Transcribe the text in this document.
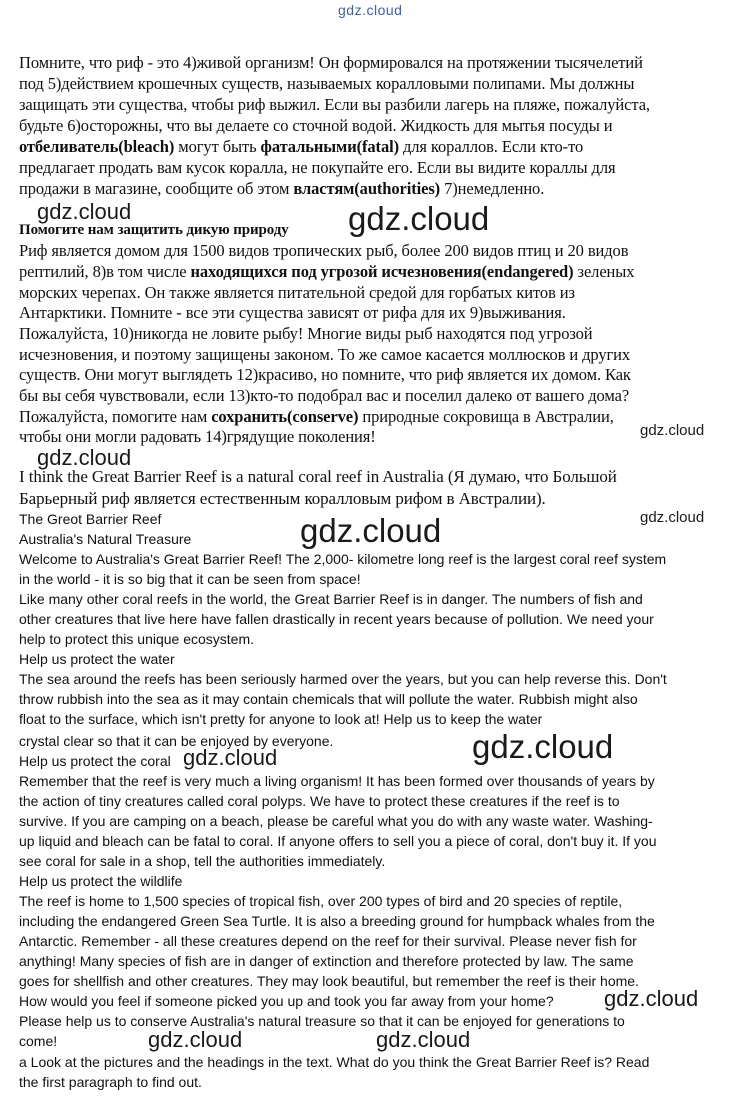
gdz.cloud
Помните, что риф - это 4)живой организм! Он формировался на протяжении тысячелетий
под 5)действием крошечных существ, называемых коралловыми полипами. Мы должны
защищать эти существа, чтобы риф выжил. Если вы разбили лагерь на пляже, пожалуйста,
будьте 6)осторожны, что вы делаете со сточной водой. Жидкость для мытья посуды и
отбеливатель(bleach) могут быть фатальными(fatal) для кораллов. Если кто-то
предлагает продать вам кусок коралла, не покупайте его. Если вы видите кораллы для
продажи в магазине, сообщите об этом властям(authorities) 7)немедленно.
gdz.cloud	gdz.cloud
Помогите нам защитить дикую природу
Риф является домом для 1500 видов тропических рыб, более 200 видов птиц и 20 видов
рептилий, 8)в том числе находящихся под угрозой исчезновения(endangered) зеленых
морских черепах. Он также является питательной средой для горбатых китов из
Антарктики. Помните - все эти существа зависят от рифа для их 9)выживания.
Пожалуйста, 10)никогда не ловите рыбу! Многие виды рыб находятся под угрозой
исчезновения, и поэтому защищены законом. То же самое касается моллюсков и других
существ. Они могут выглядеть 12)красиво, но помните, что риф является их домом. Как
бы вы себя чувствовали, если 13)кто-то подобрал вас и поселил далеко от вашего дома?
Пожалуйста, помогите нам сохранить(conserve) природные сокровища в Австралии,
чтобы они могли радовать 14)грядущие поколения!	gdz.cloud
gdz.cloud
I think the Great Barrier Reef is a natural coral reef in Australia (Я думаю, что Большой
Барьерный риф является естественным коралловым рифом в Австралии).
The Greot Barrier Reef	gdz.cloud
gdz.cloud
Australia's Natural Treasure
Welcome to Australia's Great Barrier Reef! The 2,000- kilometre long reef is the largest coral reef system
in the world - it is so big that it can be seen from space!
Like many other coral reefs in the world, the Great Barrier Reef is in danger. The numbers of fish and
other creatures that live here have fallen drastically in recent years because of pollution. We need your
help to protect this unique ecosystem.
Help us protect the water
The sea around the reefs has been seriously harmed over the years, but you can help reverse this. Don't
throw rubbish into the sea as it may contain chemicals that will pollute the water. Rubbish might also
float to the surface, which isn't pretty for anyone to look at! Help us to keep the water
crystal clear so that it can be enjoyed by everyone.	gdz.cloud
Help us protect the coral gdz.cloud
Remember that the reef is very much a living organism! It has been formed over thousands of years by
the action of tiny creatures called coral polyps. We have to protect these creatures if the reef is to
survive. If you are camping on a beach, please be careful what you do with any waste water. Washing-
up liquid and bleach can be fatal to coral. If anyone offers to sell you a piece of coral, don't buy it. If you
see coral for sale in a shop, tell the authorities immediately.
Help us protect the wildlife
The reef is home to 1,500 species of tropical fish, over 200 types of bird and 20 species of reptile,
including the endangered Green Sea Turtle. It is also a breeding ground for humpback whales from the
Antarctic. Remember - all these creatures depend on the reef for their survival. Please never fish for
anything! Many species of fish are in danger of extinction and therefore protected by law. The same
goes for shellfish and other creatures. They may look beautiful, but remember the reef is their home.
How would you feel if someone picked you up and took you far away from your home? gdz.cloud
Please help us to conserve Australia's natural treasure so that it can be enjoyed for generations to
come!	gdz.cloud	gdz.cloud
a Look at the pictures and the headings in the text. What do you think the Great Barrier Reef is? Read
the first paragraph to find out.
